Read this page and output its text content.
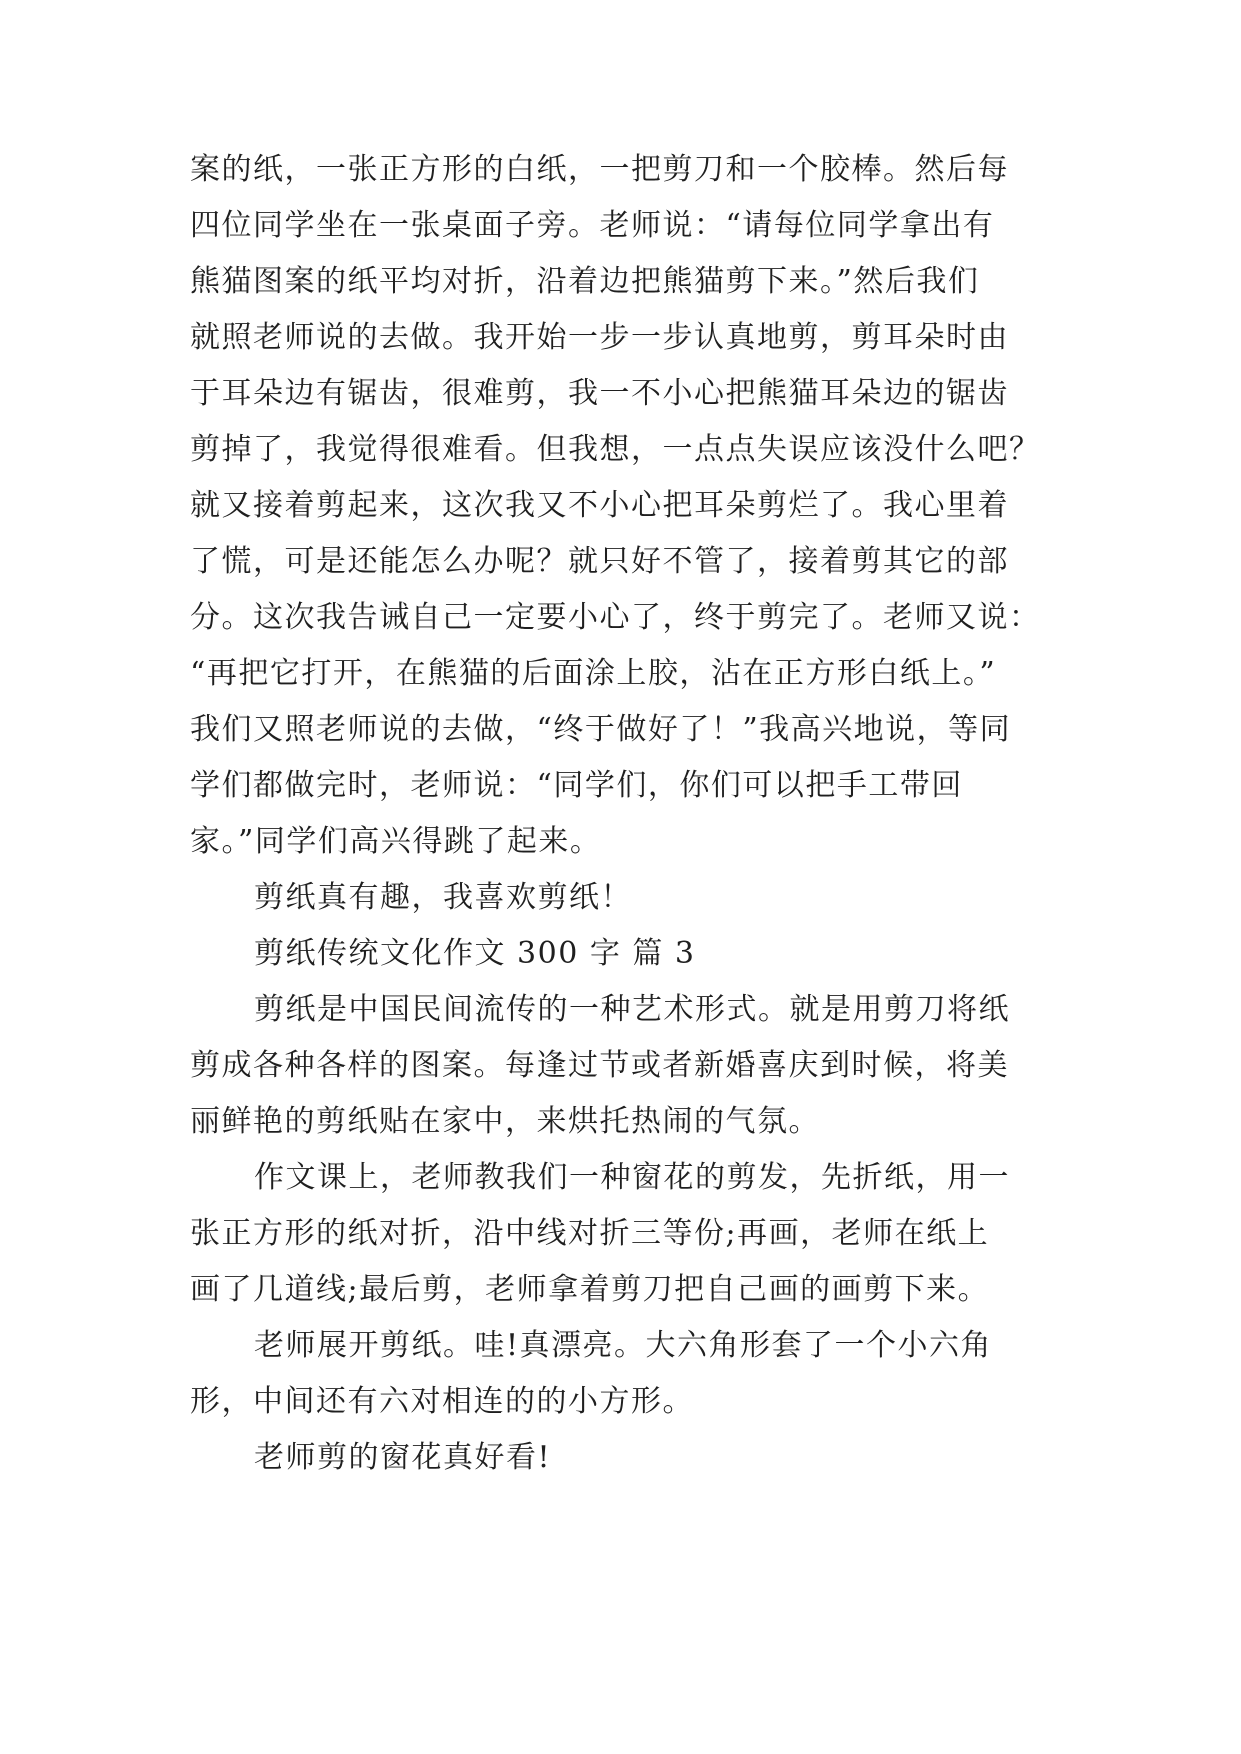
案的纸，一张正方形的白纸，一把剪刀和一个胶棒。然后每
四位同学坐在一张桌面子旁。老师说：“请每位同学拿出有
熊猫图案的纸平均对折，沿着边把熊猫剪下来。”然后我们
就照老师说的去做。我开始一步一步认真地剪，剪耳朵时由
于耳朵边有锯齿，很难剪，我一不小心把熊猫耳朵边的锯齿
剪掉了，我觉得很难看。但我想，一点点失误应该没什么吧？
就又接着剪起来，这次我又不小心把耳朵剪烂了。我心里着
了慌，可是还能怎么办呢？就只好不管了，接着剪其它的部
分。这次我告诫自己一定要小心了，终于剪完了。老师又说：
“再把它打开，在熊猫的后面涂上胶，沾在正方形白纸上。”
我们又照老师说的去做，“终于做好了！”我高兴地说，等同
学们都做完时，老师说：“同学们，你们可以把手工带回
家。”同学们高兴得跳了起来。
剪纸真有趣，我喜欢剪纸！
剪纸传统文化作文 300 字 篇 3
剪纸是中国民间流传的一种艺术形式。就是用剪刀将纸
剪成各种各样的图案。每逢过节或者新婚喜庆到时候，将美
丽鲜艳的剪纸贴在家中，来烘托热闹的气氛。
作文课上，老师教我们一种窗花的剪发，先折纸，用一
张正方形的纸对折，沿中线对折三等份;再画，老师在纸上
画了几道线;最后剪，老师拿着剪刀把自己画的画剪下来。
老师展开剪纸。哇!真漂亮。大六角形套了一个小六角
形，中间还有六对相连的的小方形。
老师剪的窗花真好看!
